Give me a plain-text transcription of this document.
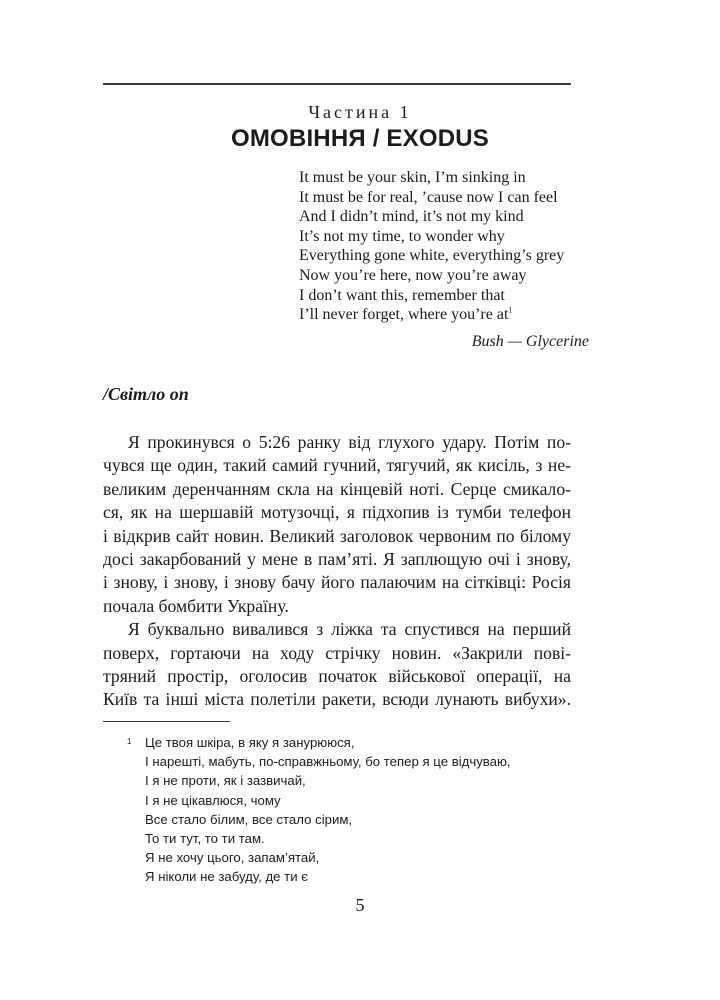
Частина 1
ОМОВІННЯ / EXODUS
It must be your skin, I’m sinking in
It must be for real, ’cause now I can feel
And I didn’t mind, it’s not my kind
It’s not my time, to wonder why
Everything gone white, everything’s grey
Now you’re here, now you’re away
I don’t want this, remember that
I’ll never forget, where you’re at$^1$
Bush — Glycerine
/Світло on
Я прокинувся о 5:26 ранку від глухого удару. Потім по-
чувся ще один, такий самий гучний, тягучий, як кисіль, з не-
великим деренчанням скла на кінцевій ноті. Серце смикало-
ся, як на шершавій мотузочці, я підхопив із тумби телефон
і відкрив сайт новин. Великий заголовок червоним по білому
досі закарбований у мене в пам’яті. Я заплющую очі і знову,
і знову, і знову, і знову бачу його палаючим на сітківці: Росія
почала бомбити Україну.
Я буквально вивалився з ліжка та спустився на перший
поверх, гортаючи на ходу стрічку новин. «Закрили пові-
тряний простір, оголосив початок військової операції, на
Київ та інші міста полетіли ракети, всюди лунають вибухи».
1 Це твоя шкіра, в яку я занурююся,
І нарешті, мабуть, по-справжньому, бо тепер я це відчуваю,
І я не проти, як і зазвичай,
І я не цікавлюся, чому
Все стало білим, все стало сірим,
То ти тут, то ти там.
Я не хочу цього, запам’ятай,
Я ніколи не забуду, де ти є
5
